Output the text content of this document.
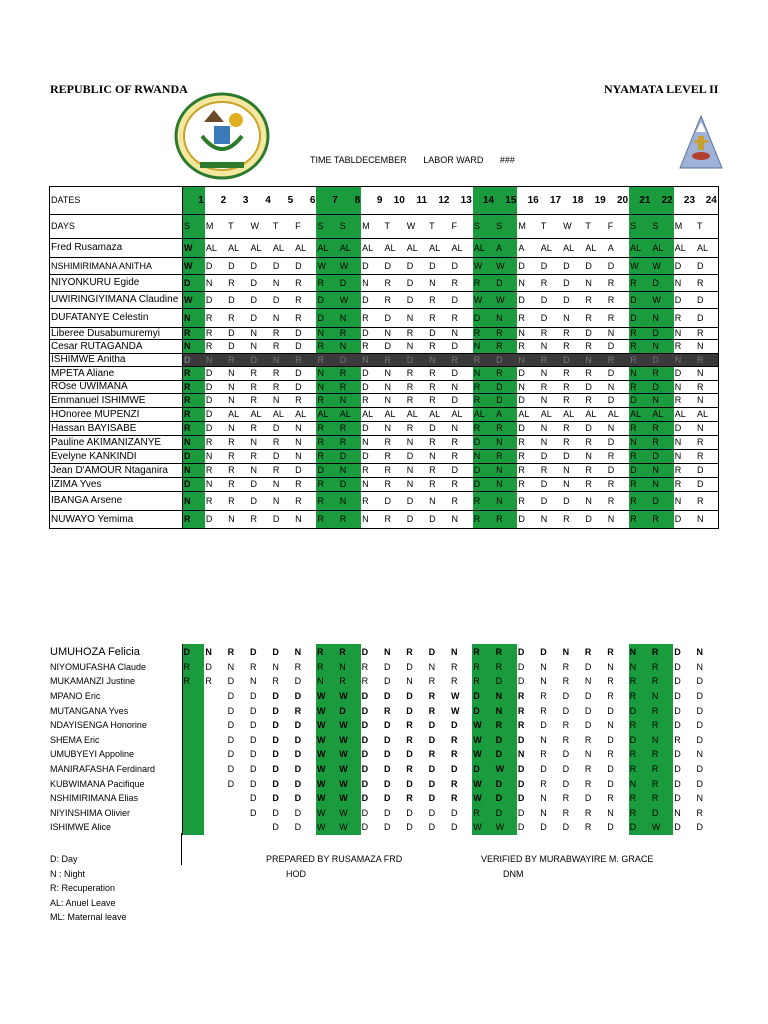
REPUBLIC OF RWANDA	NYAMATA LEVEL II
TIME TABLDECEMBER LABOR WARD ###
DATES	1	2	3	4	5	6	7	8	9	10	11	12	13	14	15	16	17	18	19	20	21	22	23	24
DAYS	S	M	T	W	T	F	S	S	M	T	W	T	F	S	S	M	T	W	T	F	S	S	M	T
Fred Rusamaza	W	AL	AL	AL	AL	AL	AL	AL	AL	AL	AL	AL	AL	AL	A	A	AL	AL	AL	A	AL	AL	AL	AL
NSHIMIRIMANA ANITHA	W	D	D	D	D	D	W	W	D	D	D	D	D	W	W	D	D	D	D	D	W	W	D	D
NIYONKURU Egide	D	N	R	D	N	R	R	D	N	R	D	N	R	R	D	N	R	D	N	R	R	D	N	R
UWIRINGIYIMANA Claudine	W	D	D	D	D	R	D	W	D	R	D	R	D	W	W	D	D	D	R	R	D	W	D	D
DUFATANYE Celestin	N	R	R	D	N	R	D	N	R	D	N	R	R	D	N	R	D	N	R	R	D	N	R	D
Liberee Dusabumuremyi	R	R	D	N	R	D	N	R	D	N	R	D	N	R	R	N	R	R	D	N	R	D	N	R
Cesar RUTAGANDA	N	R	D	N	R	D	R	N	R	D	N	R	D	N	R	R	N	R	R	D	R	N	R	N
ISHIMWE Anitha	D	N	R	D	N	R	R	D	N	R	D	N	R	R	D	N	R	D	N	R	R	D	N	R
MPETA Aliane	R	D	N	R	R	D	N	R	D	N	R	R	D	N	R	D	N	R	R	D	N	R	D	N
ROse UWIMANA	R	D	N	R	R	D	N	R	D	N	R	R	N	R	D	N	R	R	D	N	R	D	N	R
Emmanuel ISHIMWE	R	D	N	R	N	R	R	N	R	N	R	R	D	R	D	D	N	R	R	D	D	N	R	N
HOnoree MUPENZI	R	D	AL	AL	AL	AL	AL	AL	AL	AL	AL	AL	AL	AL	A	AL	AL	AL	AL	AL	AL	AL	AL	AL
Hassan BAYISABE	R	D	N	R	D	N	R	R	D	N	R	D	N	R	R	D	N	R	D	N	R	R	D	N
Pauline AKIMANIZANYE	N	R	R	N	R	N	R	R	N	R	N	R	R	D	N	R	N	R	R	D	N	R	N	R
Evelyne KANKINDI	D	N	R	R	D	N	R	D	D	R	D	N	R	N	R	R	D	D	N	R	R	D	N	R
Jean D'AMOUR Ntaganira	N	R	R	N	R	D	D	N	R	R	N	R	D	D	N	R	R	N	R	D	D	N	R	D
IZIMA Yves	D	N	R	D	N	R	R	D	N	R	N	R	R	D	N	R	D	N	R	R	R	N	R	D
IBANGA Arsene	N	R	R	D	N	R	R	N	R	D	D	N	R	R	N	R	D	D	N	R	R	D	N	R
NUWAYO Yemima	R	D	N	R	D	N	R	R	N	R	D	D	N	R	R	D	N	R	D	N	R	R	D	N
UMUHOZA Felicia	D	N	R	D	D	N	R	R	D	N	R	D	N	R	R	D	D	N	R	R	N	R	D	N
NIYOMUFASHA Claude	R	D	N	R	N	R	R	N	R	D	D	N	R	R	R	D	N	R	D	N	N	R	D	N
MUKAMANZI Justine	R	R	D	N	R	D	N	R	R	D	N	R	R	R	D	D	N	R	N	R	R	R	D	D
MPANO Eric			D	D	D	D	W	W	D	D	D	R	W	D	N	R	R	D	D	R	R	N	D	D
MUTANGANA Yves			D	D	D	R	W	D	D	R	D	R	W	D	N	R	R	D	D	D	D	R	D	D
NDAYISENGA Honorine			D	D	D	D	W	W	D	D	R	D	D	W	R	R	D	R	D	N	R	R	D	D
SHEMA Eric			D	D	D	D	W	W	D	D	R	D	R	W	D	D	N	R	R	D	D	N	R	D
UMUBYEYI Appoline			D	D	D	D	W	W	D	D	D	R	R	W	D	N	R	D	N	R	R	R	D	N
MANIRAFASHA Ferdinard			D	D	D	D	W	W	D	D	R	D	D	D	W	D	D	D	R	D	R	R	D	D
KUBWIMANA Pacifique			D	D	D	D	W	W	D	D	D	D	R	W	D	D	R	D	R	D	N	R	D	D
NSHIMIRIMANA Elias				D	D	D	W	W	D	D	R	D	R	W	D	D	N	R	D	R	R	R	D	N
NIYINSHIMA Olivier				D	D	D	W	W	D	D	D	D	D	R	D	D	N	R	R	N	R	D	N	R
ISHIMWE Alice					D	D	W	W	D	D	D	D	D	W	W	D	D	D	R	D	D	W	D	D
D: Day
N : Night
R: Recuperation
AL: Anuel Leave
ML: Maternal leave
PREPARED BY RUSAMAZA FRD
HOD
VERIFIED BY MURABWAYIRE M. GRACE
DNM
